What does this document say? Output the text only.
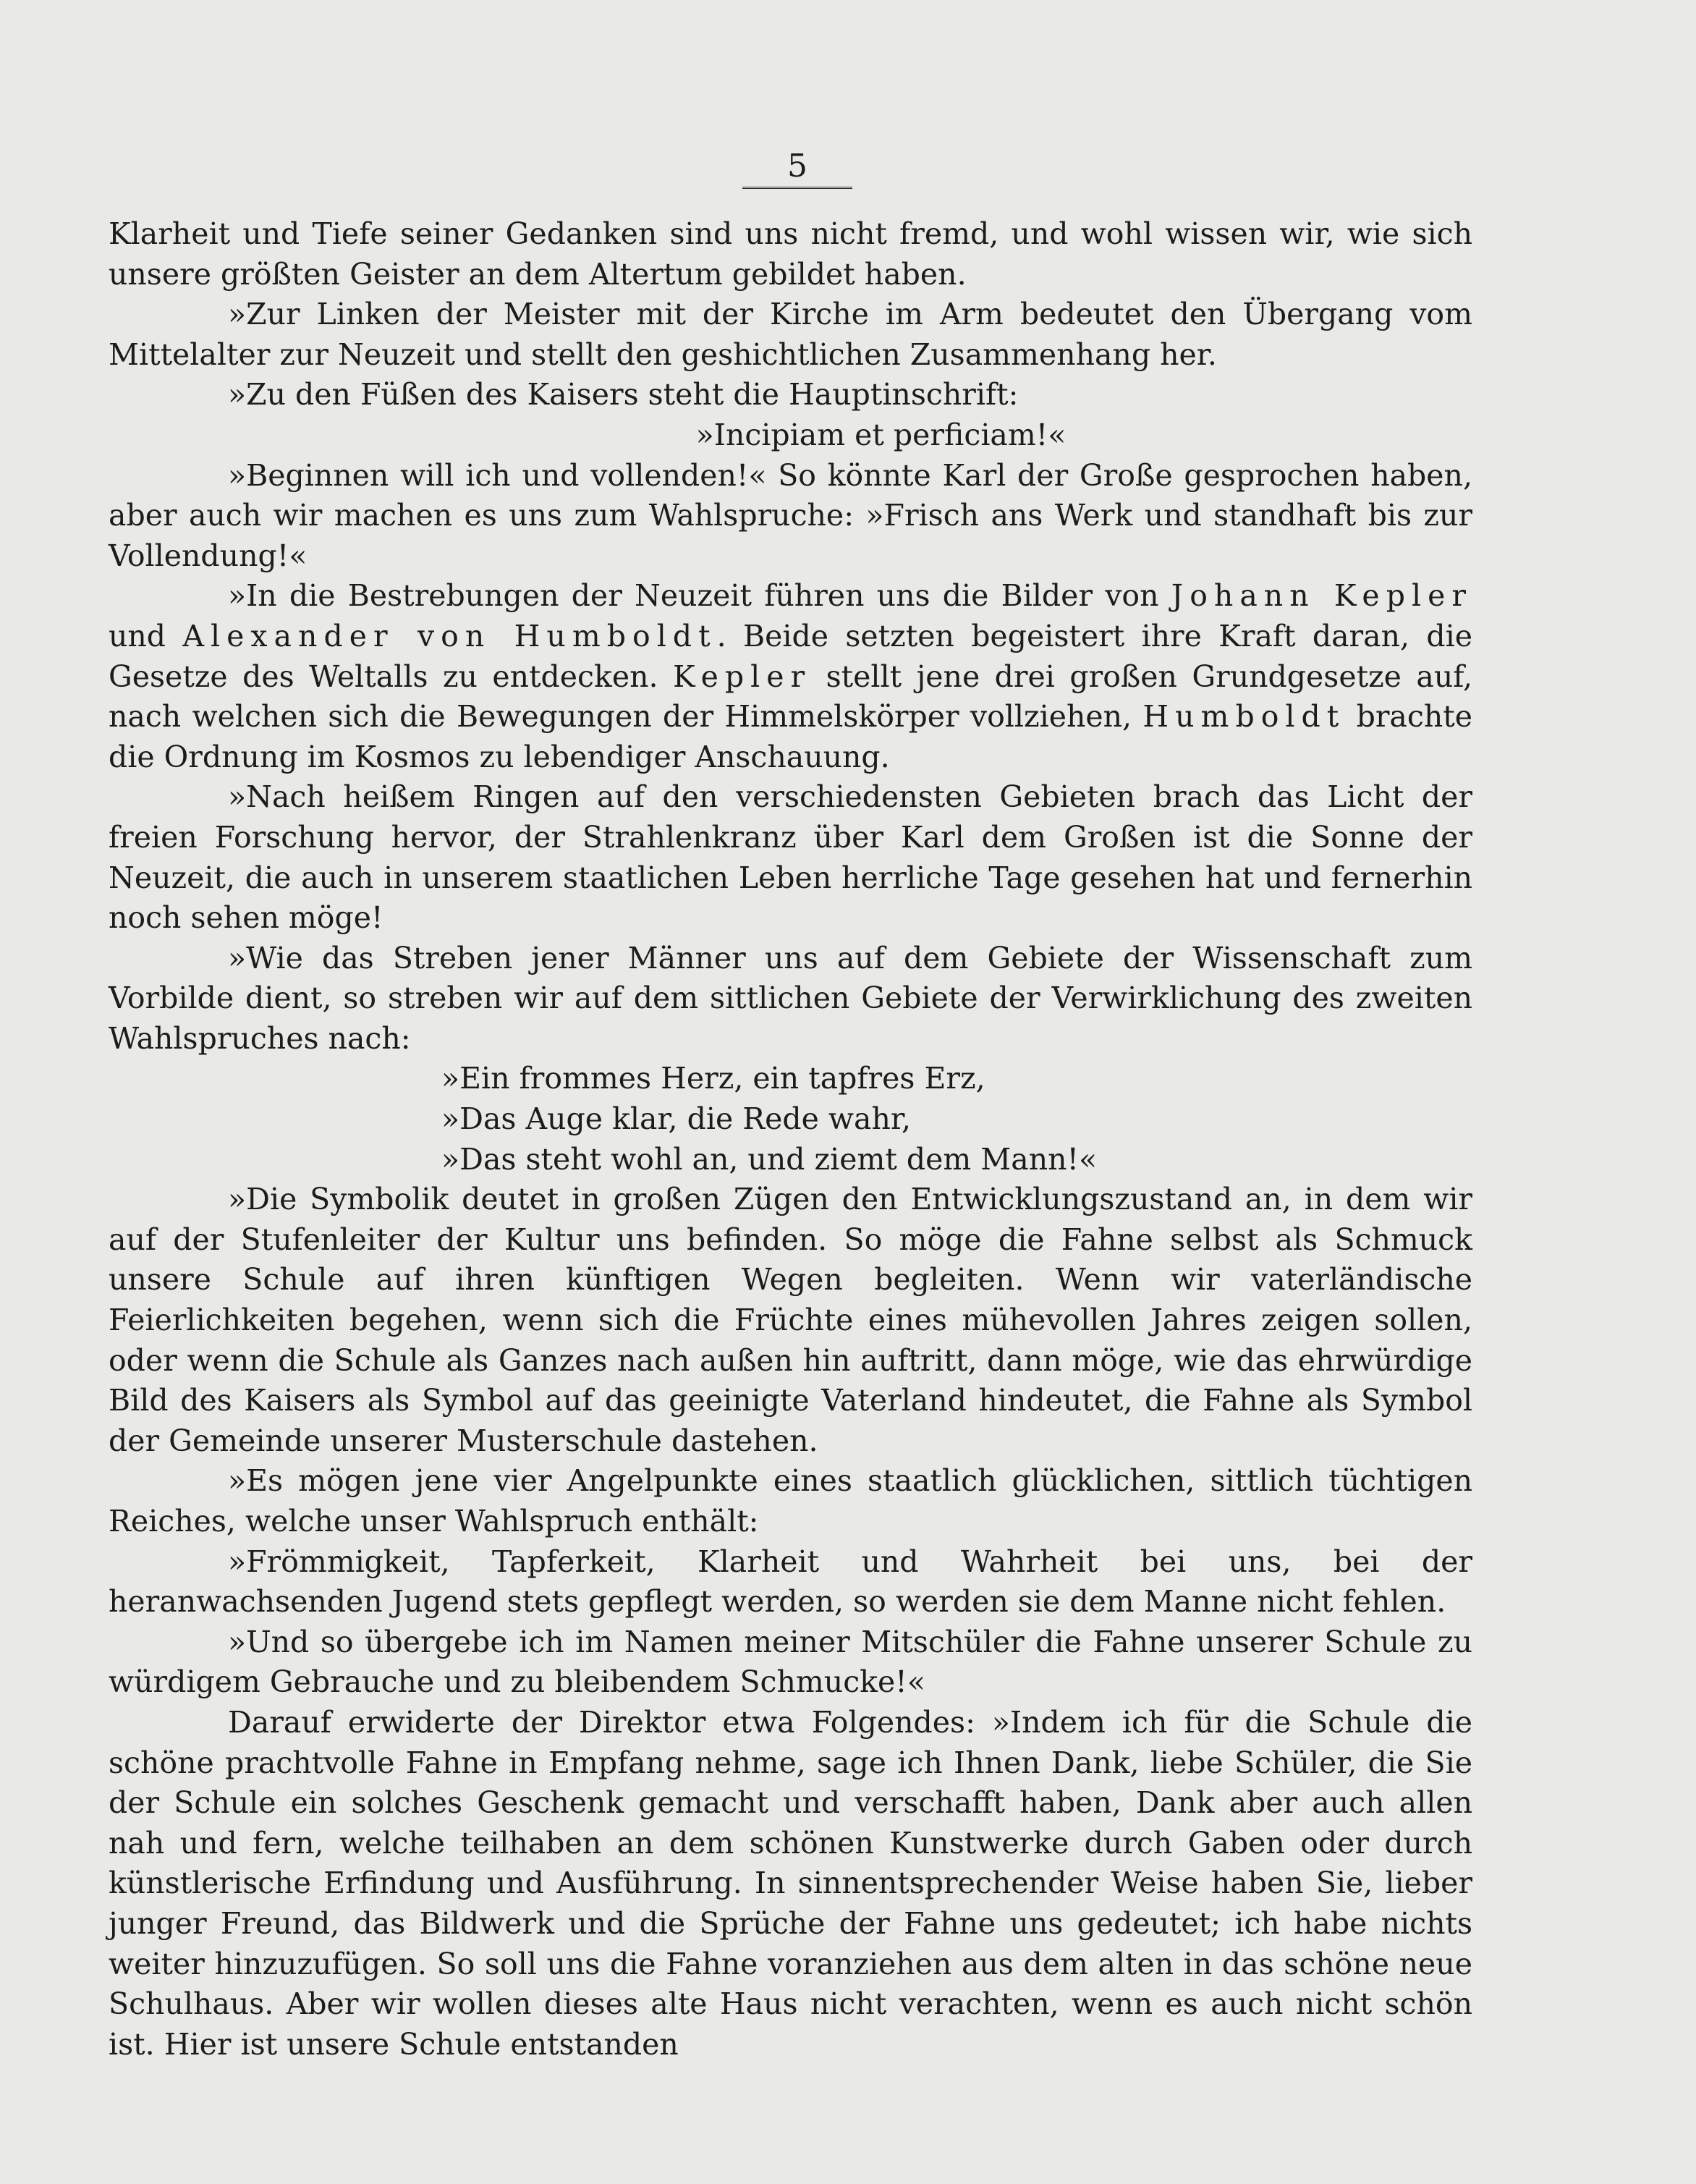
5

Klarheit und Tiefe seiner Gedanken sind uns nicht fremd, und wohl wissen wir, wie sich unsere größten Geister an dem Altertum gebildet haben.

»Zur Linken der Meister mit der Kirche im Arm bedeutet den Übergang vom Mittelalter zur Neuzeit und stellt den geshichtlichen Zusammenhang her.

»Zu den Füßen des Kaisers steht die Hauptinschrift:

»Incipiam et perficiam!«

»Beginnen will ich und vollenden!« So könnte Karl der Große gesprochen haben, aber auch wir machen es uns zum Wahlspruche: »Frisch ans Werk und standhaft bis zur Vollendung!«

»In die Bestrebungen der Neuzeit führen uns die Bilder von Johann Kepler und Alexander von Humboldt. Beide setzten begeistert ihre Kraft daran, die Gesetze des Weltalls zu entdecken. Kepler stellt jene drei großen Grundgesetze auf, nach welchen sich die Bewegungen der Himmelskörper vollziehen, Humboldt brachte die Ordnung im Kosmos zu lebendiger Anschauung.

»Nach heißem Ringen auf den verschiedensten Gebieten brach das Licht der freien Forschung hervor, der Strahlenkranz über Karl dem Großen ist die Sonne der Neuzeit, die auch in unserem staatlichen Leben herrliche Tage gesehen hat und fernerhin noch sehen möge!

»Wie das Streben jener Männer uns auf dem Gebiete der Wissenschaft zum Vorbilde dient, so streben wir auf dem sittlichen Gebiete der Verwirklichung des zweiten Wahlspruches nach:

»Ein frommes Herz, ein tapfres Erz,

»Das Auge klar, die Rede wahr,

»Das steht wohl an, und ziemt dem Mann!«

»Die Symbolik deutet in großen Zügen den Entwicklungszustand an, in dem wir auf der Stufenleiter der Kultur uns befinden. So möge die Fahne selbst als Schmuck unsere Schule auf ihren künftigen Wegen begleiten. Wenn wir vaterländische Feierlichkeiten begehen, wenn sich die Früchte eines mühevollen Jahres zeigen sollen, oder wenn die Schule als Ganzes nach außen hin auftritt, dann möge, wie das ehrwürdige Bild des Kaisers als Symbol auf das geeinigte Vaterland hindeutet, die Fahne als Symbol der Gemeinde unserer Musterschule dastehen.

»Es mögen jene vier Angelpunkte eines staatlich glücklichen, sittlich tüchtigen Reiches, welche unser Wahlspruch enthält:

»Frömmigkeit, Tapferkeit, Klarheit und Wahrheit bei uns, bei der heranwachsenden Jugend stets gepflegt werden, so werden sie dem Manne nicht fehlen.

»Und so übergebe ich im Namen meiner Mitschüler die Fahne unserer Schule zu würdigem Gebrauche und zu bleibendem Schmucke!«

Darauf erwiderte der Direktor etwa Folgendes: »Indem ich für die Schule die schöne prachtvolle Fahne in Empfang nehme, sage ich Ihnen Dank, liebe Schüler, die Sie der Schule ein solches Geschenk gemacht und verschafft haben, Dank aber auch allen nah und fern, welche teilhaben an dem schönen Kunstwerke durch Gaben oder durch künstlerische Erfindung und Ausführung. In sinnentsprechender Weise haben Sie, lieber junger Freund, das Bildwerk und die Sprüche der Fahne uns gedeutet; ich habe nichts weiter hinzuzufügen. So soll uns die Fahne voranziehen aus dem alten in das schöne neue Schulhaus. Aber wir wollen dieses alte Haus nicht verachten, wenn es auch nicht schön ist. Hier ist unsere Schule entstanden
